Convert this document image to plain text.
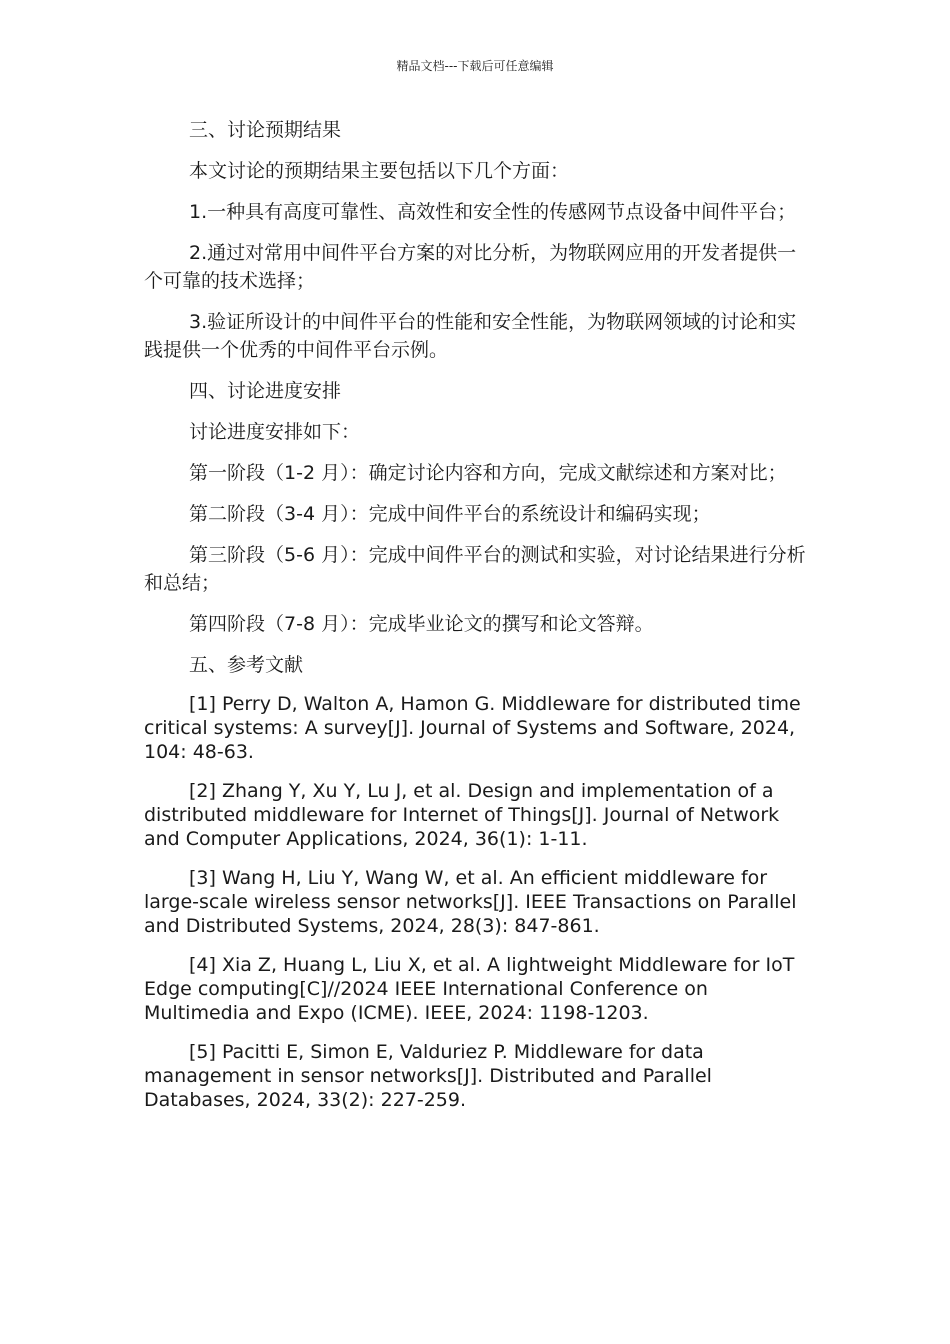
精品文档---下载后可任意编辑

三、讨论预期结果

本文讨论的预期结果主要包括以下几个方面：

1.一种具有高度可靠性、高效性和安全性的传感网节点设备中间件平台；

2.通过对常用中间件平台方案的对比分析，为物联网应用的开发者提供一个可靠的技术选择；

3.验证所设计的中间件平台的性能和安全性能，为物联网领域的讨论和实践提供一个优秀的中间件平台示例。

四、讨论进度安排

讨论进度安排如下：

第一阶段（1-2 月）：确定讨论内容和方向，完成文献综述和方案对比；

第二阶段（3-4 月）：完成中间件平台的系统设计和编码实现；

第三阶段（5-6 月）：完成中间件平台的测试和实验，对讨论结果进行分析和总结；

第四阶段（7-8 月）：完成毕业论文的撰写和论文答辩。

五、参考文献

[1] Perry D, Walton A, Hamon G. Middleware for distributed time critical systems: A survey[J]. Journal of Systems and Software, 2024, 104: 48-63.

[2] Zhang Y, Xu Y, Lu J, et al. Design and implementation of a distributed middleware for Internet of Things[J]. Journal of Network and Computer Applications, 2024, 36(1): 1-11.

[3] Wang H, Liu Y, Wang W, et al. An efficient middleware for large-scale wireless sensor networks[J]. IEEE Transactions on Parallel and Distributed Systems, 2024, 28(3): 847-861.

[4] Xia Z, Huang L, Liu X, et al. A lightweight Middleware for IoT Edge computing[C]//2024 IEEE International Conference on Multimedia and Expo (ICME). IEEE, 2024: 1198-1203.

[5] Pacitti E, Simon E, Valduriez P. Middleware for data management in sensor networks[J]. Distributed and Parallel Databases, 2024, 33(2): 227-259.
